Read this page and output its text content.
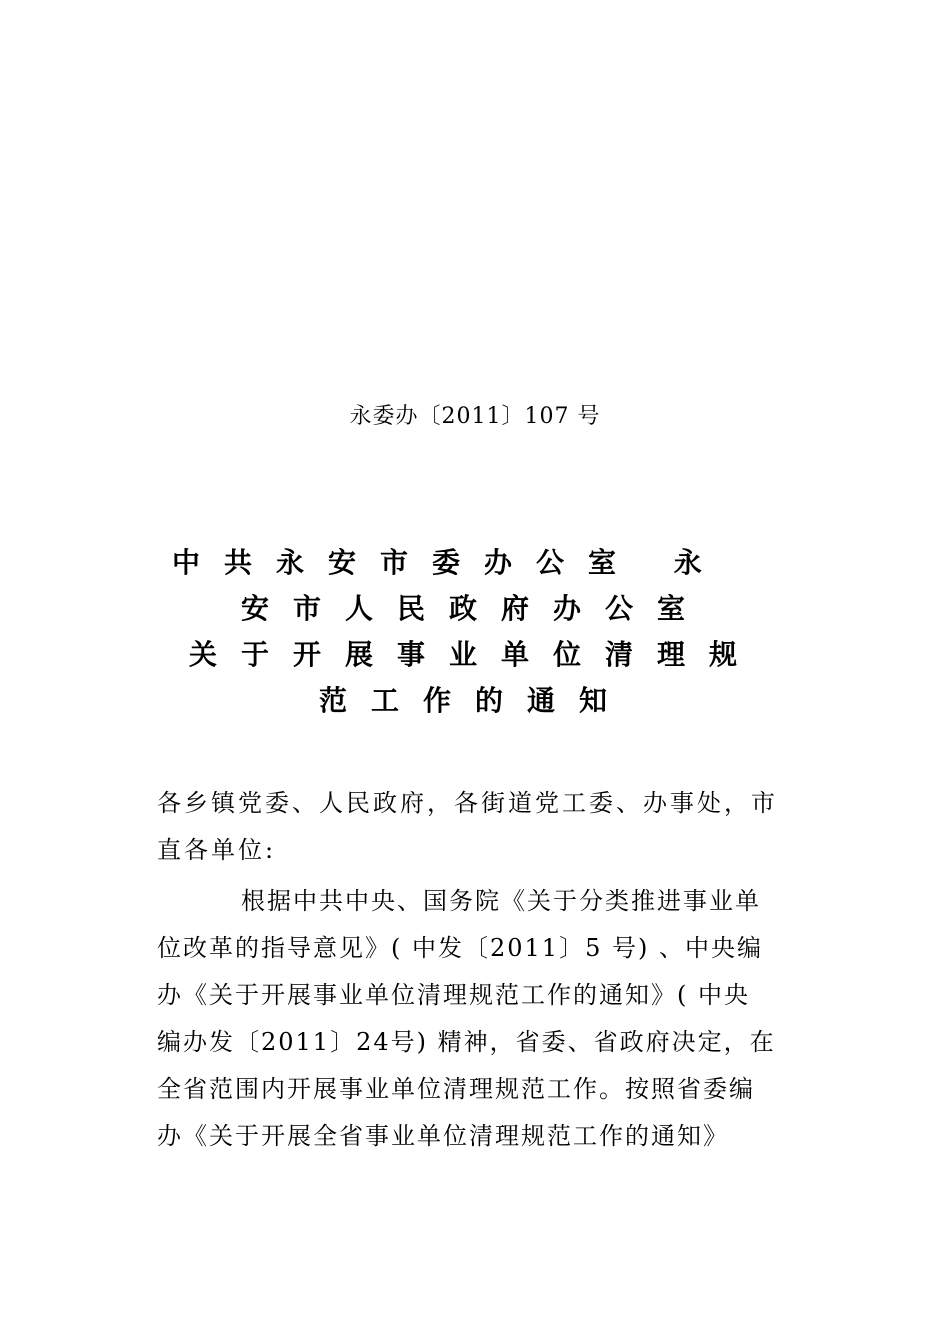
永委办〔2011〕107 号
中共永安市委办公室 永
安市人民政府办公室
关于开展事业单位清理规
范工作的通知
各乡镇党委、人民政府，各街道党工委、办事处，市
直各单位:
根据中共中央、国务院《关于分类推进事业单
位改革的指导意见》( 中发〔2011〕5 号) 、中央编
办《关于开展事业单位清理规范工作的通知》( 中央
编办发〔2011〕24号) 精神，省委、省政府决定，在
全省范围内开展事业单位清理规范工作。按照省委编
办《关于开展全省事业单位清理规范工作的通知》
